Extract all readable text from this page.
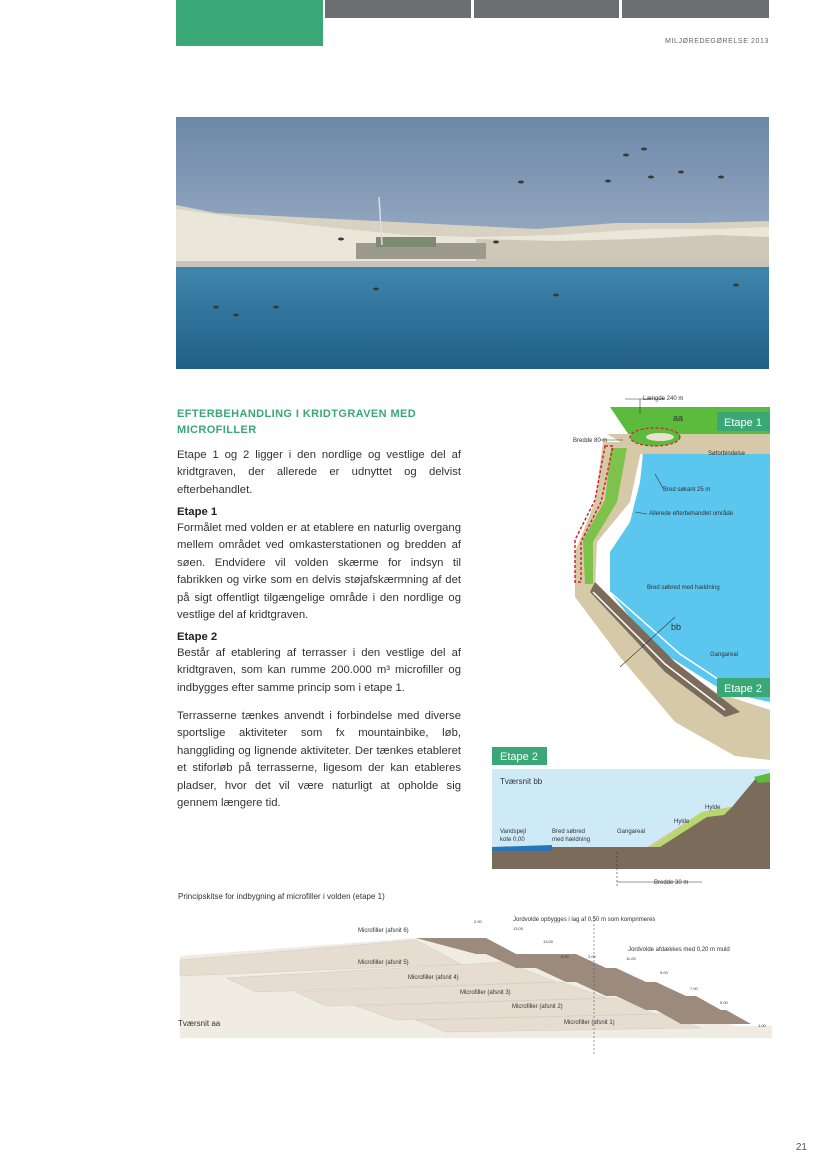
MILJØREDEGØRELSE 2013
EFTERBEHANDLING I KRIDTGRAVEN MED MICROFILLER

Etape 1 og 2 ligger i den nordlige og vestlige del af kridtgraven, der allerede er udnyttet og delvist efterbehandlet.

Etape 1

Formålet med volden er at etablere en naturlig overgang mellem området ved omkasterstationen og bredden af søen. Endvidere vil volden skærme for indsyn til fabrikken og virke som en delvis støjafskærmning af det på sigt offentligt tilgængelige område i den nordlige og vestlige del af kridtgraven.

Etape 2

Består af etablering af terrasser i den vestlige del af kridtgraven, som kan rumme 200.000 m³ microfiller og indbygges efter samme princip som i etape 1.

Terrasserne tænkes anvendt i forbindelse med diverse sportslige aktiviteter som fx mountainbike, løb, hanggliding og lignende aktiviteter. Der tænkes etableret et stiforløb på terrasserne, ligesom der kan etableres pladser, hvor det vil være naturligt at opholde sig gennem længere tid.

Etape 1
Etape 2
Længde 240 m
aa
Bredde 80 m
Søforbindelse
Bred søkant 25 m
Allerede efterbehandlet område
Bred søbred med hældning
bb
Gangareal
Etape 2
Tværsnit bb
Hylde
Hylde
Vandspejl
kote 0,00
Bred søbred
med hældning
Gangareal
Bredde 30 m
Principskitse for indbygning af microfiller i volden (etape 1)
Microfiller (afsnit 6)
Microfiller (afsnit 5)
Microfiller (afsnit 4)
Microfiller (afsnit 3)
Microfiller (afsnit 2)
Microfiller (afsnit 1)
Jordvolde opbygges i lag af 0,50 m som komprimeres
Jordvolde afdækkes med 0,20 m muld
2.00
5.00	2.00
13.00
13.00
11.00
9.00
7.00
5.00
1.00
Tværsnit aa
21
